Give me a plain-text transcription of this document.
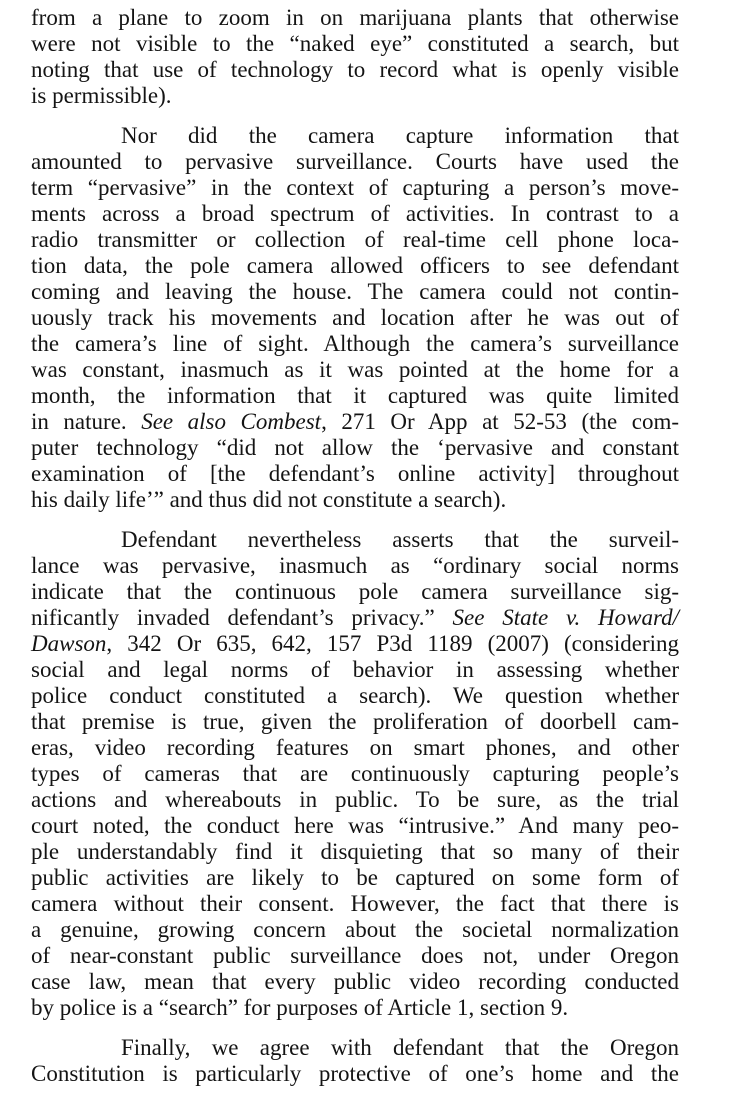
from a plane to zoom in on marijuana plants that otherwise
were not visible to the “naked eye” constituted a search, but
noting that use of technology to record what is openly visible
is permissible).
Nor did the camera capture information that
amounted to pervasive surveillance. Courts have used the
term “pervasive” in the context of capturing a person’s move-
ments across a broad spectrum of activities. In contrast to a
radio transmitter or collection of real-time cell phone loca-
tion data, the pole camera allowed officers to see defendant
coming and leaving the house. The camera could not contin-
uously track his movements and location after he was out of
the camera’s line of sight. Although the camera’s surveillance
was constant, inasmuch as it was pointed at the home for a
month, the information that it captured was quite limited
in nature. See also Combest, 271 Or App at 52-53 (the com-
puter technology “did not allow the ‘pervasive and constant
examination of [the defendant’s online activity] throughout
his daily life’” and thus did not constitute a search).
Defendant nevertheless asserts that the surveil-
lance was pervasive, inasmuch as “ordinary social norms
indicate that the continuous pole camera surveillance sig-
nificantly invaded defendant’s privacy.” See State v. Howard/
Dawson, 342 Or 635, 642, 157 P3d 1189 (2007) (considering
social and legal norms of behavior in assessing whether
police conduct constituted a search). We question whether
that premise is true, given the proliferation of doorbell cam-
eras, video recording features on smart phones, and other
types of cameras that are continuously capturing people’s
actions and whereabouts in public. To be sure, as the trial
court noted, the conduct here was “intrusive.” And many peo-
ple understandably find it disquieting that so many of their
public activities are likely to be captured on some form of
camera without their consent. However, the fact that there is
a genuine, growing concern about the societal normalization
of near-constant public surveillance does not, under Oregon
case law, mean that every public video recording conducted
by police is a “search” for purposes of Article 1, section 9.
Finally, we agree with defendant that the Oregon
Constitution is particularly protective of one’s home and the
